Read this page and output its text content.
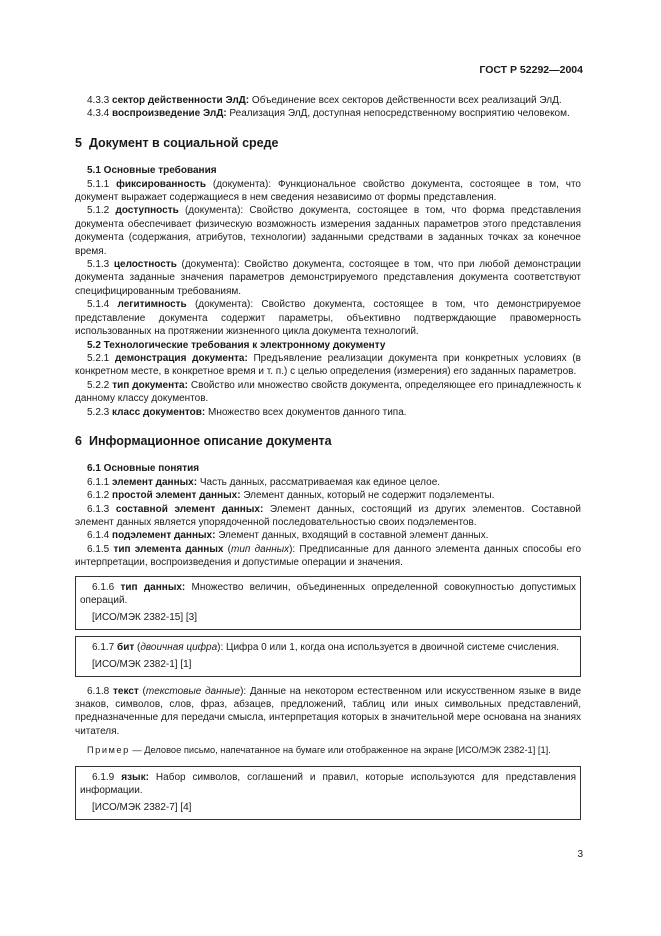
ГОСТ Р 52292—2004

4.3.3 сектор действенности ЭлД: Объединение всех секторов действенности всех реализаций ЭлД.

4.3.4 воспроизведение ЭлД: Реализация ЭлД, доступная непосредственному восприятию человеком.

5 Документ в социальной среде

5.1 Основные требования

5.1.1 фиксированность (документа): Функциональное свойство документа, состоящее в том, что документ выражает содержащиеся в нем сведения независимо от формы представления.

5.1.2 доступность (документа): Свойство документа, состоящее в том, что форма представления документа обеспечивает физическую возможность измерения заданных параметров этого представления документа (содержания, атрибутов, технологии) заданными средствами в заданных точках за конечное время.

5.1.3 целостность (документа): Свойство документа, состоящее в том, что при любой демонстрации документа заданные значения параметров демонстрируемого представления документа соответствуют специфицированным требованиям.

5.1.4 легитимность (документа): Свойство документа, состоящее в том, что демонстрируемое представление документа содержит параметры, объективно подтверждающие правомерность использованных на протяжении жизненного цикла документа технологий.

5.2 Технологические требования к электронному документу

5.2.1 демонстрация документа: Предъявление реализации документа при конкретных условиях (в конкретном месте, в конкретное время и т. п.) с целью определения (измерения) его заданных параметров.

5.2.2 тип документа: Свойство или множество свойств документа, определяющее его принадлежность к данному классу документов.

5.2.3 класс документов: Множество всех документов данного типа.

6 Информационное описание документа

6.1 Основные понятия

6.1.1 элемент данных: Часть данных, рассматриваемая как единое целое.

6.1.2 простой элемент данных: Элемент данных, который не содержит подэлементы.

6.1.3 составной элемент данных: Элемент данных, состоящий из других элементов. Составной элемент данных является упорядоченной последовательностью своих подэлементов.

6.1.4 подэлемент данных: Элемент данных, входящий в составной элемент данных.

6.1.5 тип элемента данных (тип данных): Предписанные для данного элемента данных способы его интерпретации, воспроизведения и допустимые операции и значения.

6.1.6 тип данных: Множество величин, объединенных определенной совокупностью допустимых операций.

[ИСО/МЭК 2382-15] [3]

6.1.7 бит (двоичная цифра): Цифра 0 или 1, когда она используется в двоичной системе счисления.

[ИСО/МЭК 2382-1] [1]

6.1.8 текст (текстовые данные): Данные на некотором естественном или искусственном языке в виде знаков, символов, слов, фраз, абзацев, предложений, таблиц или иных символьных представлений, предназначенные для передачи смысла, интерпретация которых в значительной мере основана на знаниях читателя.

Пример — Деловое письмо, напечатанное на бумаге или отображенное на экране [ИСО/МЭК 2382-1] [1].

6.1.9 язык: Набор символов, соглашений и правил, которые используются для представления информации.

[ИСО/МЭК 2382-7] [4]

3
